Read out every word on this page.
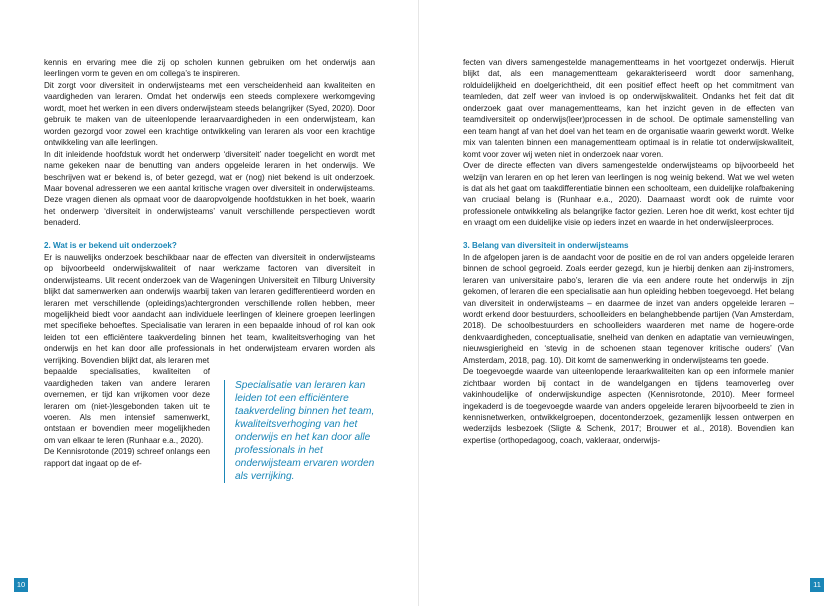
kennis en ervaring mee die zij op scholen kunnen gebruiken om het onderwijs aan leerlingen vorm te geven en om collega’s te inspireren.

Dit zorgt voor diversiteit in onderwijsteams met een verscheidenheid aan kwaliteiten en vaardigheden van leraren. Omdat het onderwijs een steeds complexere werkomgeving wordt, moet het werken in een divers onderwijsteam steeds belangrijker (Syed, 2020). Door gebruik te maken van de uiteenlopende leraarvaardigheden in een onderwijsteam, kan worden gezorgd voor zowel een krachtige ontwikkeling van leraren als voor een krachtige ontwikkeling van alle leerlingen.

In dit inleidende hoofdstuk wordt het onderwerp ‘diversiteit’ nader toegelicht en wordt met name gekeken naar de benutting van anders opgeleide leraren in het onderwijs. We beschrijven wat er bekend is, of beter gezegd, wat er (nog) niet bekend is uit onderzoek. Maar bovenal adresseren we een aantal kritische vragen over diversiteit in onderwijsteams. Deze vragen dienen als opmaat voor de daaropvolgende hoofdstukken in het boek, waarin het onderwerp ‘diversiteit in onderwijsteams’ vanuit verschillende perspectieven wordt benaderd.

2. Wat is er bekend uit onderzoek?

Er is nauwelijks onderzoek beschikbaar naar de effecten van diversiteit in onderwijsteams op bijvoorbeeld onderwijskwaliteit of naar werkzame factoren van diversiteit in onderwijsteams. Uit recent onderzoek van de Wageningen Universiteit en Tilburg University blijkt dat samenwerken aan onderwijs waarbij taken van leraren gedifferentieerd worden en leraren met verschillende (opleidings)achtergronden verschillende rollen hebben, meer mogelijkheid biedt voor aandacht aan individuele leerlingen of kleinere groepen leerlingen met specifieke behoeftes. Specialisatie van leraren in een bepaalde inhoud of rol kan ook leiden tot een efficiëntere taakverdeling binnen het team, kwaliteitsverhoging van het onderwijs en het kan door alle professionals in het onderwijsteam ervaren worden als verrijking. Bovendien blijkt dat, als leraren met

bepaalde specialisaties, kwaliteiten of vaardigheden taken van andere leraren overnemen, er tijd kan vrijkomen voor deze leraren om (niet-)lesgebonden taken uit te voeren. Als men intensief samenwerkt, ontstaan er bovendien meer mogelijkheden om van elkaar te leren (Runhaar e.a., 2020).

De Kennisrotonde (2019) schreef onlangs een rapport dat ingaat op de ef-

Specialisatie van leraren kan leiden tot een efficiëntere taakverdeling binnen het team, kwaliteitsverhoging van het onderwijs en het kan door alle professionals in het onderwijsteam ervaren worden als verrijking.
10

fecten van divers samengestelde managementteams in het voortgezet onderwijs. Hieruit blijkt dat, als een managementteam gekarakteriseerd wordt door samenhang, rolduidelijkheid en doelgerichtheid, dit een positief effect heeft op het commitment van teamleden, dat zelf weer van invloed is op onderwijskwaliteit. Ondanks het feit dat dit onderzoek gaat over managementteams, kan het inzicht geven in de effecten van teamdiversiteit op onderwijs(leer)processen in de school. De optimale samenstelling van een team hangt af van het doel van het team en de organisatie waarin gewerkt wordt. Welke mix van talenten binnen een managementteam optimaal is in relatie tot onderwijskwaliteit, komt voor zover wij weten niet in onderzoek naar voren.

Over de directe effecten van divers samengestelde onderwijsteams op bijvoorbeeld het welzijn van leraren en op het leren van leerlingen is nog weinig bekend. Wat we wel weten is dat als het gaat om taakdifferentiatie binnen een schoolteam, een duidelijke rolafbakening van cruciaal belang is (Runhaar e.a., 2020). Daarnaast wordt ook de ruimte voor professionele ontwikkeling als belangrijke factor gezien. Leren hoe dit werkt, kost echter tijd en vraagt om een duidelijke visie op ieders inzet en waarde in het onderwijsleerproces.

3. Belang van diversiteit in onderwijsteams

In de afgelopen jaren is de aandacht voor de positie en de rol van anders opgeleide leraren binnen de school gegroeid. Zoals eerder gezegd, kun je hierbij denken aan zij-instromers, leraren van universitaire pabo’s, leraren die via een andere route het onderwijs in zijn gekomen, of leraren die een specialisatie aan hun opleiding hebben toegevoegd. Het belang van diversiteit in onderwijsteams – en daarmee de inzet van anders opgeleide leraren – wordt erkend door bestuurders, schoolleiders en belanghebbende partijen (Van Amsterdam, 2018). De schoolbestuurders en schoolleiders waarderen met name de hogere-orde denkvaardigheden, conceptualisatie, snelheid van denken en adaptatie van vernieuwingen, nieuwsgierigheid en ‘stevig in de schoenen staan tegenover kritische ouders’ (Van Amsterdam, 2018, pag. 10). Dit komt de samenwerking in onderwijsteams ten goede.

De toegevoegde waarde van uiteenlopende leraarkwaliteiten kan op een informele manier zichtbaar worden bij contact in de wandelgangen en tijdens teamoverleg over vakinhoudelijke of onderwijskundige aspecten (Kennisrotonde, 2010). Meer formeel ingekaderd is de toegevoegde waarde van anders opgeleide leraren bijvoorbeeld te zien in kennisnetwerken, ontwikkelgroepen, docentonderzoek, gezamenlijk lessen ontwerpen en wederzijds lesbezoek (Sligte & Schenk, 2017; Brouwer et al., 2018). Bovendien kan expertise (orthopedagoog, coach, vakleraar, onderwijs-

11
